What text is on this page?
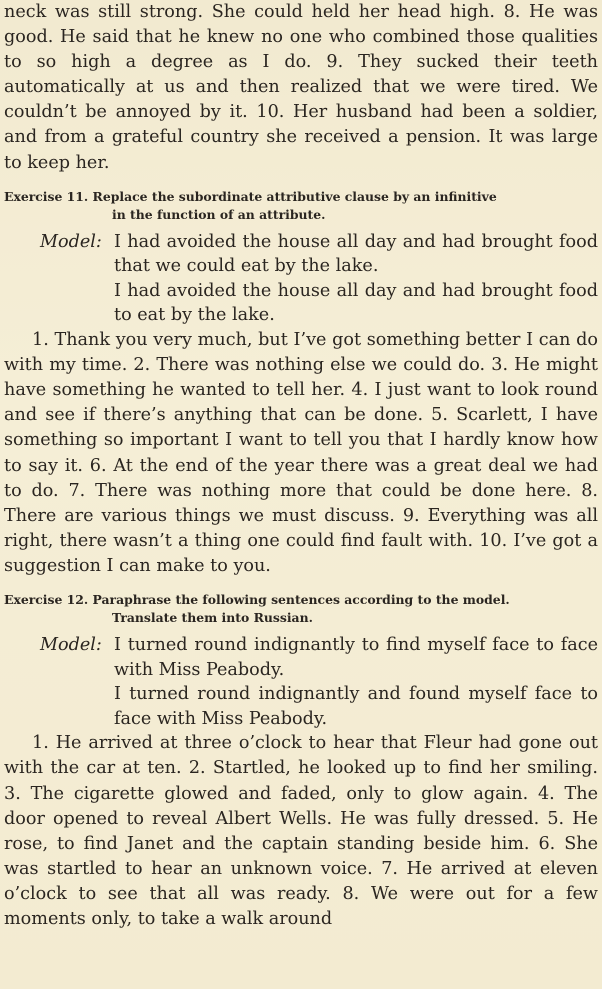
neck was still strong. She could held her head high. 8. He was good. He said that he knew no one who combined those qualities to so high a degree as I do. 9. They sucked their teeth automatically at us and then realized that we were tired. We couldn’t be annoyed by it. 10. Her husband had been a soldier, and from a grateful country she received a pension. It was large to keep her.

Exercise 11. Replace the subordinate attributive clause by an infinitive
in the function of an attribute.

Model: I had avoided the house all day and had brought food that we could eat by the lake.

I had avoided the house all day and had brought food to eat by the lake.

1. Thank you very much, but I’ve got something better I can do with my time. 2. There was nothing else we could do. 3. He might have something he wanted to tell her. 4. I just want to look round and see if there’s anything that can be done. 5. Scarlett, I have something so important I want to tell you that I hardly know how to say it. 6. At the end of the year there was a great deal we had to do. 7. There was nothing more that could be done here. 8. There are various things we must discuss. 9. Everything was all right, there wasn’t a thing one could find fault with. 10. I’ve got a suggestion I can make to you.

Exercise 12. Paraphrase the following sentences according to the model.
Translate them into Russian.

Model: I turned round indignantly to find myself face to face with Miss Peabody.

I turned round indignantly and found myself face to face with Miss Peabody.

1. He arrived at three o’clock to hear that Fleur had gone out with the car at ten. 2. Startled, he looked up to find her smiling. 3. The cigarette glowed and faded, only to glow again. 4. The door opened to reveal Albert Wells. He was fully dressed. 5. He rose, to find Janet and the captain standing beside him. 6. She was startled to hear an unknown voice. 7. He arrived at eleven o’clock to see that all was ready. 8. We were out for a few moments only, to take a walk around
